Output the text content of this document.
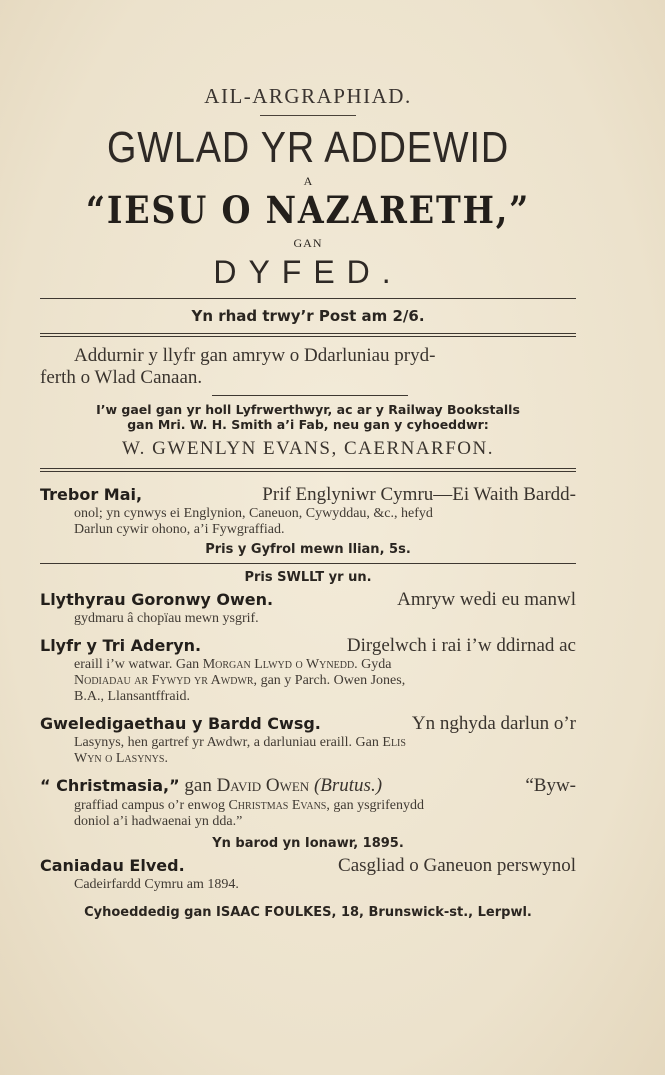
AIL-ARGRAPHIAD.
GWLAD YR ADDEWID
A
“IESU O NAZARETH,”
GAN
DYFED.
Yn rhad trwy’r Post am 2/6.
Addurnir y llyfr gan amryw o Ddarluniau pryd-
ferth o Wlad Canaan.
I’w gael gan yr holl Lyfrwerthwyr, ac ar y Railway Bookstalls
gan Mri. W. H. Smith a’i Fab, neu gan y cyhoeddwr:
W. GWENLYN EVANS, CAERNARFON.
Trebor Mai,	Prif Englyniwr Cymru—Ei Waith Bardd-
onol; yn cynwys ei Englynion, Caneuon, Cywyddau, &c., hefyd
Darlun cywir ohono, a’i Fywgraffiad.
Pris y Gyfrol mewn llian, 5s.
Pris SWLLT yr un.
Llythyrau Goronwy Owen.	Amryw wedi eu manwl
gydmaru â chopïau mewn ysgrif.
Llyfr y Tri Aderyn.	Dirgelwch i rai i’w ddirnad ac
eraill i’w watwar. Gan Morgan Llwyd o Wynedd. Gyda
Nodiadau ar Fywyd yr Awdwr, gan y Parch. Owen Jones,
B.A., Llansantffraid.
Gweledigaethau y Bardd Cwsg.	Yn nghyda darlun o’r
Lasynys, hen gartref yr Awdwr, a darluniau eraill. Gan Elis
Wyn o Lasynys.
“ Christmasia,” gan David Owen (Brutus.)	“Byw-
graffiad campus o’r enwog Christmas Evans, gan ysgrifenydd
doniol a’i hadwaenai yn dda.”
Yn barod yn Ionawr, 1895.
Caniadau Elved.	Casgliad o Ganeuon perswynol
Cadeirfardd Cymru am 1894.
Cyhoeddedig gan ISAAC FOULKES, 18, Brunswick-st., Lerpwl.
